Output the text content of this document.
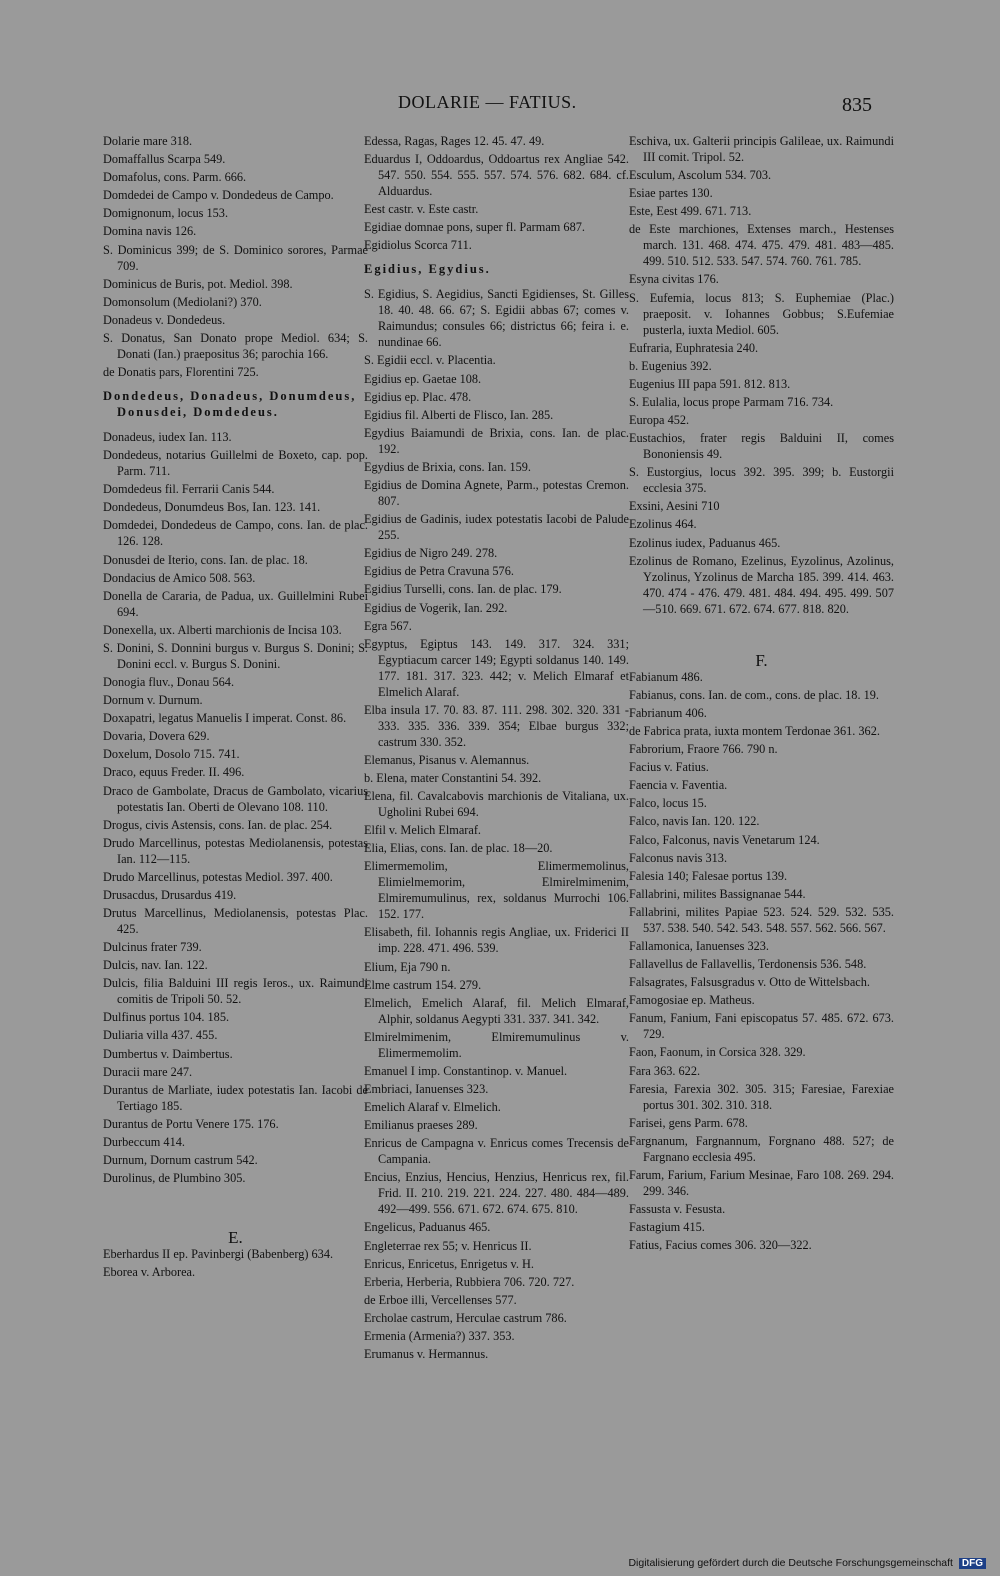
DOLARIE — FATIUS.	835
Dolarie mare 318.
Domaffallus Scarpa 549.
Domafolus, cons. Parm. 666.
Domdedei de Campo v. Dondedeus de Campo.
Domignonum, locus 153.
Domina navis 126.
S. Dominicus 399; de S. Dominico sorores, Parmae 709.
Dominicus de Buris, pot. Mediol. 398.
Domonsolum (Mediolani?) 370.
Donadeus v. Dondedeus.
S. Donatus, San Donato prope Mediol. 634; S. Donati (Ian.) praepositus 36; parochia 166.
de Donatis pars, Florentini 725.
Dondedeus, Donadeus, Donumdeus, Donusdei, Domdedeus.
Donadeus, iudex Ian. 113.
Dondedeus, notarius Guillelmi de Boxeto, cap. pop. Parm. 711.
Domdedeus fil. Ferrarii Canis 544.
Dondedeus, Donumdeus Bos, Ian. 123. 141.
Domdedei, Dondedeus de Campo, cons. Ian. de plac. 126. 128.
Donusdei de Iterio, cons. Ian. de plac. 18.
Dondacius de Amico 508. 563.
Donella de Cararia, de Padua, ux. Guillelmini Rubei 694.
Donexella, ux. Alberti marchionis de Incisa 103.
S. Donini, S. Donnini burgus v. Burgus S. Donini; S. Donini eccl. v. Burgus S. Donini.
Donogia fluv., Donau 564.
Dornum v. Durnum.
Doxapatri, legatus Manuelis I imperat. Const. 86.
Dovaria, Dovera 629.
Doxelum, Dosolo 715. 741.
Draco, equus Freder. II. 496.
Draco de Gambolate, Dracus de Gambolato, vicarius potestatis Ian. Oberti de Olevano 108. 110.
Drogus, civis Astensis, cons. Ian. de plac. 254.
Drudo Marcellinus, potestas Mediolanensis, potestas Ian. 112—115.
Drudo Marcellinus, potestas Mediol. 397. 400.
Drusacdus, Drusardus 419.
Drutus Marcellinus, Mediolanensis, potestas Plac. 425.
Dulcinus frater 739.
Dulcis, nav. Ian. 122.
Dulcis, filia Balduini III regis Ieros., ux. Raimundi comitis de Tripoli 50. 52.
Dulfinus portus 104. 185.
Duliaria villa 437. 455.
Dumbertus v. Daimbertus.
Duracii mare 247.
Durantus de Marliate, iudex potestatis Ian. Iacobi de Tertiago 185.
Durantus de Portu Venere 175. 176.
Durbeccum 414.
Durnum, Dornum castrum 542.
Durolinus, de Plumbino 305.
E.
Eberhardus II ep. Pavinbergi (Babenberg) 634.
Eborea v. Arborea.
Edessa, Ragas, Rages 12. 45. 47. 49.
Eduardus I, Oddoardus, Oddoartus rex Angliae 542. 547. 550. 554. 555. 557. 574. 576. 682. 684. cf. Alduardus.
Eest castr. v. Este castr.
Egidiae domnae pons, super fl. Parmam 687.
Egidiolus Scorca 711.
Egidius, Egydius.
S. Egidius, S. Aegidius, Sancti Egidienses, St. Gilles 18. 40. 48. 66. 67; S. Egidii abbas 67; comes v. Raimundus; consules 66; districtus 66; feira i. e. nundinae 66.
S. Egidii eccl. v. Placentia.
Egidius ep. Gaetae 108.
Egidius ep. Plac. 478.
Egidius fil. Alberti de Flisco, Ian. 285.
Egydius Baiamundi de Brixia, cons. Ian. de plac. 192.
Egydius de Brixia, cons. Ian. 159.
Egidius de Domina Agnete, Parm., potestas Cremon. 807.
Egidius de Gadinis, iudex potestatis Iacobi de Palude 255.
Egidius de Nigro 249. 278.
Egidius de Petra Cravuna 576.
Egidius Turselli, cons. Ian. de plac. 179.
Egidius de Vogerik, Ian. 292.
Egra 567.
Egyptus, Egiptus 143. 149. 317. 324. 331; Egyptiacum carcer 149; Egypti soldanus 140. 149. 177. 181. 317. 323. 442; v. Melich Elmaraf et Elmelich Alaraf.
Elba insula 17. 70. 83. 87. 111. 298. 302. 320. 331 - 333. 335. 336. 339. 354; Elbae burgus 332; castrum 330. 352.
Elemanus, Pisanus v. Alemannus.
b. Elena, mater Constantini 54. 392.
Elena, fil. Cavalcabovis marchionis de Vitaliana, ux. Ugholini Rubei 694.
Elfil v. Melich Elmaraf.
Elia, Elias, cons. Ian. de plac. 18—20.
Elimermemolim, Elimermemolinus, Elimielmemorim, Elmirelmimenim, Elmiremumulinus, rex, soldanus Murrochi 106. 152. 177.
Elisabeth, fil. Iohannis regis Angliae, ux. Friderici II imp. 228. 471. 496. 539.
Elium, Eja 790 n.
Elme castrum 154. 279.
Elmelich, Emelich Alaraf, fil. Melich Elmaraf, Alphir, soldanus Aegypti 331. 337. 341. 342.
Elmirelmimenim, Elmiremumulinus v. Elimermemolim.
Emanuel I imp. Constantinop. v. Manuel.
Embriaci, Ianuenses 323.
Emelich Alaraf v. Elmelich.
Emilianus praeses 289.
Enricus de Campagna v. Enricus comes Trecensis de Campania.
Encius, Enzius, Hencius, Henzius, Henricus rex, fil. Frid. II. 210. 219. 221. 224. 227. 480. 484—489. 492—499. 556. 671. 672. 674. 675. 810.
Engelicus, Paduanus 465.
Engleterrae rex 55; v. Henricus II.
Enricus, Enricetus, Enrigetus v. H.
Erberia, Herberia, Rubbiera 706. 720. 727.
de Erboe illi, Vercellenses 577.
Ercholae castrum, Herculae castrum 786.
Ermenia (Armenia?) 337. 353.
Erumanus v. Hermannus.
Eschiva, ux. Galterii principis Galileae, ux. Raimundi III comit. Tripol. 52.
Esculum, Ascolum 534. 703.
Esiae partes 130.
Este, Eest 499. 671. 713.
de Este marchiones, Extenses march., Hestenses march. 131. 468. 474. 475. 479. 481. 483—485. 499. 510. 512. 533. 547. 574. 760. 761. 785.
Esyna civitas 176.
S. Eufemia, locus 813; S. Euphemiae (Plac.) praeposit. v. Iohannes Gobbus; S.Eufemiae pusterla, iuxta Mediol. 605.
Eufraria, Euphratesia 240.
b. Eugenius 392.
Eugenius III papa 591. 812. 813.
S. Eulalia, locus prope Parmam 716. 734.
Europa 452.
Eustachios, frater regis Balduini II, comes Bononiensis 49.
S. Eustorgius, locus 392. 395. 399; b. Eustorgii ecclesia 375.
Exsini, Aesini 710
Ezolinus 464.
Ezolinus iudex, Paduanus 465.
Ezolinus de Romano, Ezelinus, Eyzolinus, Azolinus, Yzolinus, Yzolinus de Marcha 185. 399. 414. 463. 470. 474 - 476. 479. 481. 484. 494. 495. 499. 507—510. 669. 671. 672. 674. 677. 818. 820.
F.
Fabianum 486.
Fabianus, cons. Ian. de com., cons. de plac. 18. 19.
Fabrianum 406.
de Fabrica prata, iuxta montem Terdonae 361. 362.
Fabrorium, Fraore 766. 790 n.
Facius v. Fatius.
Faencia v. Faventia.
Falco, locus 15.
Falco, navis Ian. 120. 122.
Falco, Falconus, navis Venetarum 124.
Falconus navis 313.
Falesia 140; Falesae portus 139.
Fallabrini, milites Bassignanae 544.
Fallabrini, milites Papiae 523. 524. 529. 532. 535. 537. 538. 540. 542. 543. 548. 557. 562. 566. 567.
Fallamonica, Ianuenses 323.
Fallavellus de Fallavellis, Terdonensis 536. 548.
Falsagrates, Falsusgradus v. Otto de Wittelsbach.
Famogosiae ep. Matheus.
Fanum, Fanium, Fani episcopatus 57. 485. 672. 673. 729.
Faon, Faonum, in Corsica 328. 329.
Fara 363. 622.
Faresia, Farexia 302. 305. 315; Faresiae, Farexiae portus 301. 302. 310. 318.
Farisei, gens Parm. 678.
Fargnanum, Fargnannum, Forgnano 488. 527; de Fargnano ecclesia 495.
Farum, Farium, Farium Mesinae, Faro 108. 269. 294. 299. 346.
Fassusta v. Fesusta.
Fastagium 415.
Fatius, Facius comes 306. 320—322.
Digitalisierung gefördert durch die Deutsche Forschungsgemeinschaft DFG
